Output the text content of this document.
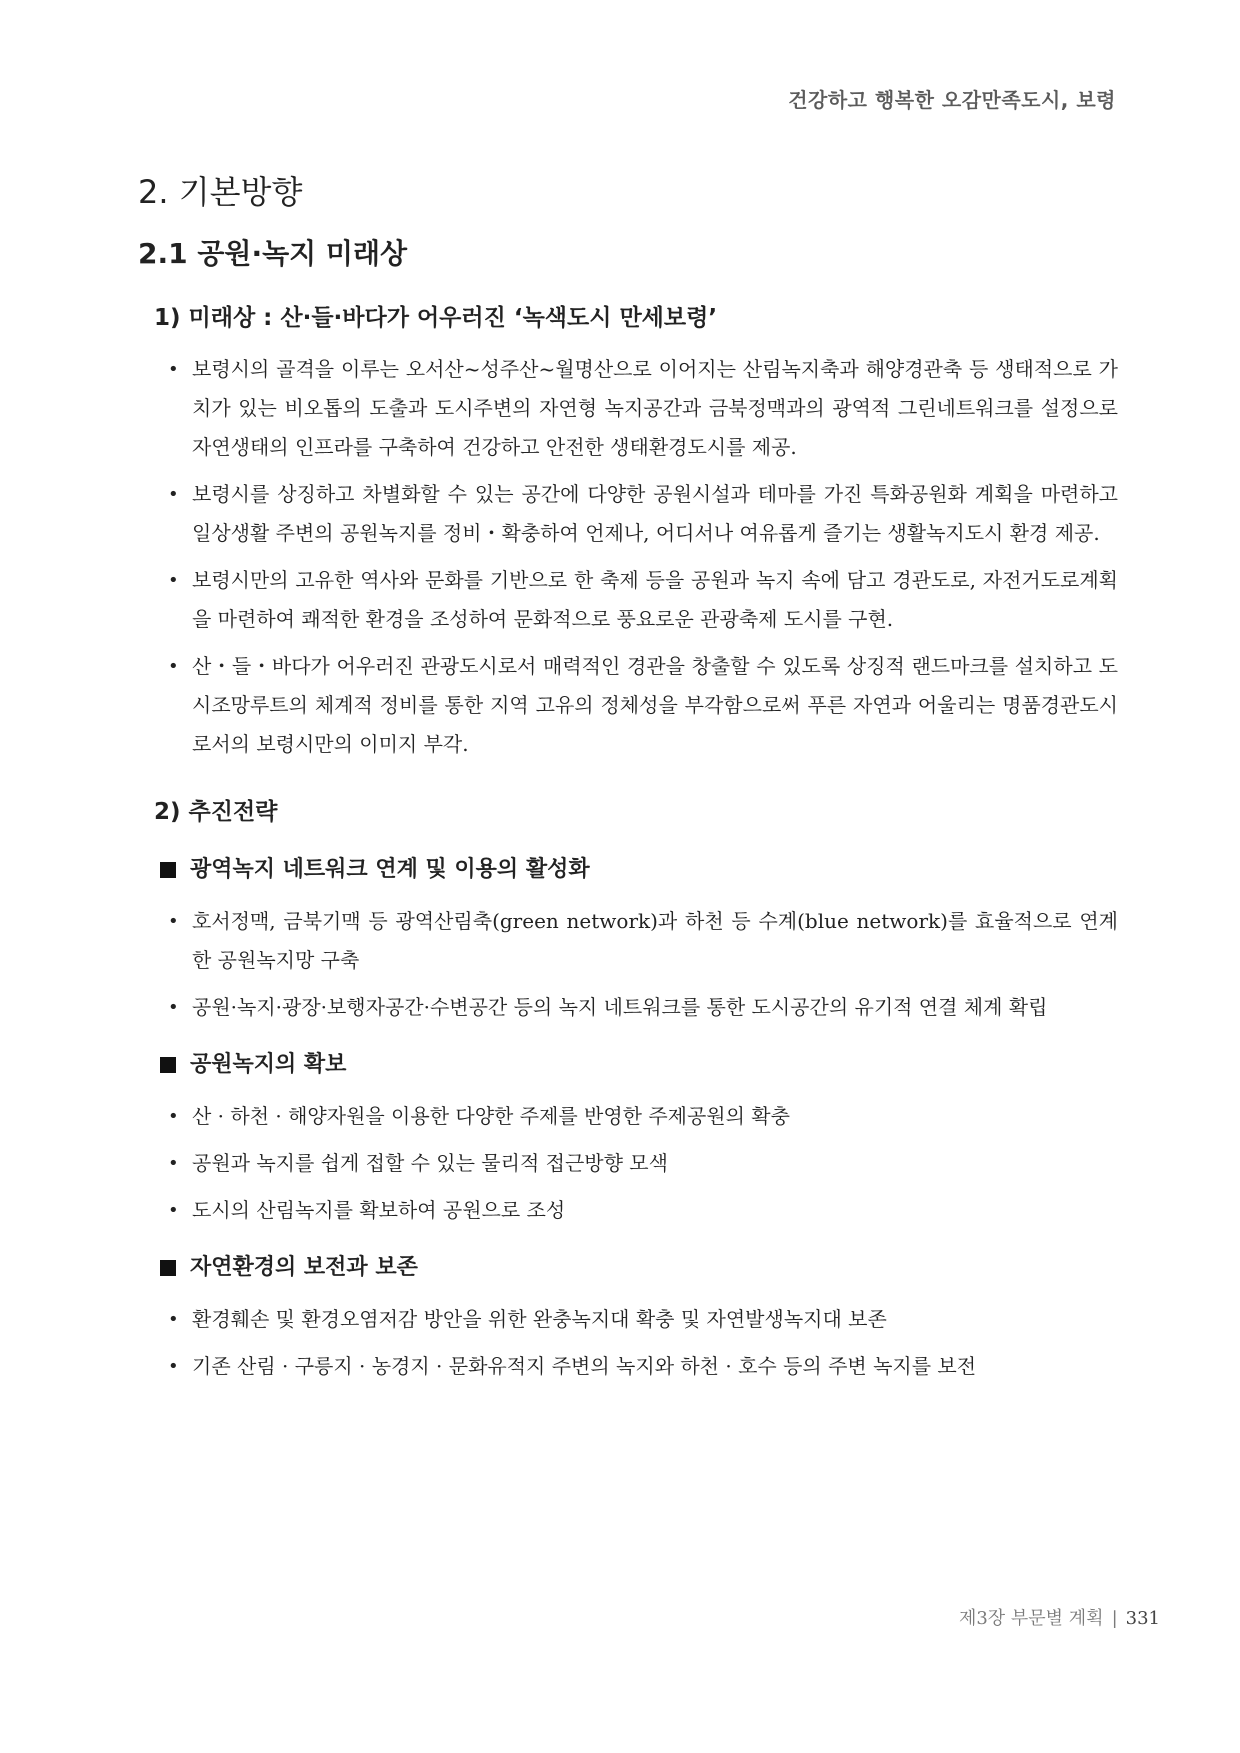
건강하고 행복한 오감만족도시, 보령
2. 기본방향
2.1 공원·녹지 미래상
1) 미래상 : 산·들·바다가 어우러진 ‘녹색도시 만세보령’
• 보령시의 골격을 이루는 오서산~성주산~월명산으로 이어지는 산림녹지축과 해양경관축 등 생태적으로 가치가 있는 비오톱의 도출과 도시주변의 자연형 녹지공간과 금북정맥과의 광역적 그린네트워크를 설정으로 자연생태의 인프라를 구축하여 건강하고 안전한 생태환경도시를 제공.
• 보령시를 상징하고 차별화할 수 있는 공간에 다양한 공원시설과 테마를 가진 특화공원화 계획을 마련하고 일상생활 주변의 공원녹지를 정비・확충하여 언제나, 어디서나 여유롭게 즐기는 생활녹지도시 환경 제공.
• 보령시만의 고유한 역사와 문화를 기반으로 한 축제 등을 공원과 녹지 속에 담고 경관도로, 자전거도로계획을 마련하여 쾌적한 환경을 조성하여 문화적으로 풍요로운 관광축제 도시를 구현.
• 산・들・바다가 어우러진 관광도시로서 매력적인 경관을 창출할 수 있도록 상징적 랜드마크를 설치하고 도시조망루트의 체계적 정비를 통한 지역 고유의 정체성을 부각함으로써 푸른 자연과 어울리는 명품경관도시로서의 보령시만의 이미지 부각.
2) 추진전략
광역녹지 네트워크 연계 및 이용의 활성화
• 호서정맥, 금북기맥 등 광역산림축(green network)과 하천 등 수계(blue network)를 효율적으로 연계한 공원녹지망 구축
• 공원·녹지·광장·보행자공간·수변공간 등의 녹지 네트워크를 통한 도시공간의 유기적 연결 체계 확립
공원녹지의 확보
• 산 · 하천 · 해양자원을 이용한 다양한 주제를 반영한 주제공원의 확충
• 공원과 녹지를 쉽게 접할 수 있는 물리적 접근방향 모색
• 도시의 산림녹지를 확보하여 공원으로 조성
자연환경의 보전과 보존
• 환경훼손 및 환경오염저감 방안을 위한 완충녹지대 확충 및 자연발생녹지대 보존
• 기존 산림 · 구릉지 · 농경지 · 문화유적지 주변의 녹지와 하천 · 호수 등의 주변 녹지를 보전
제3장 부문별 계획 | 331
